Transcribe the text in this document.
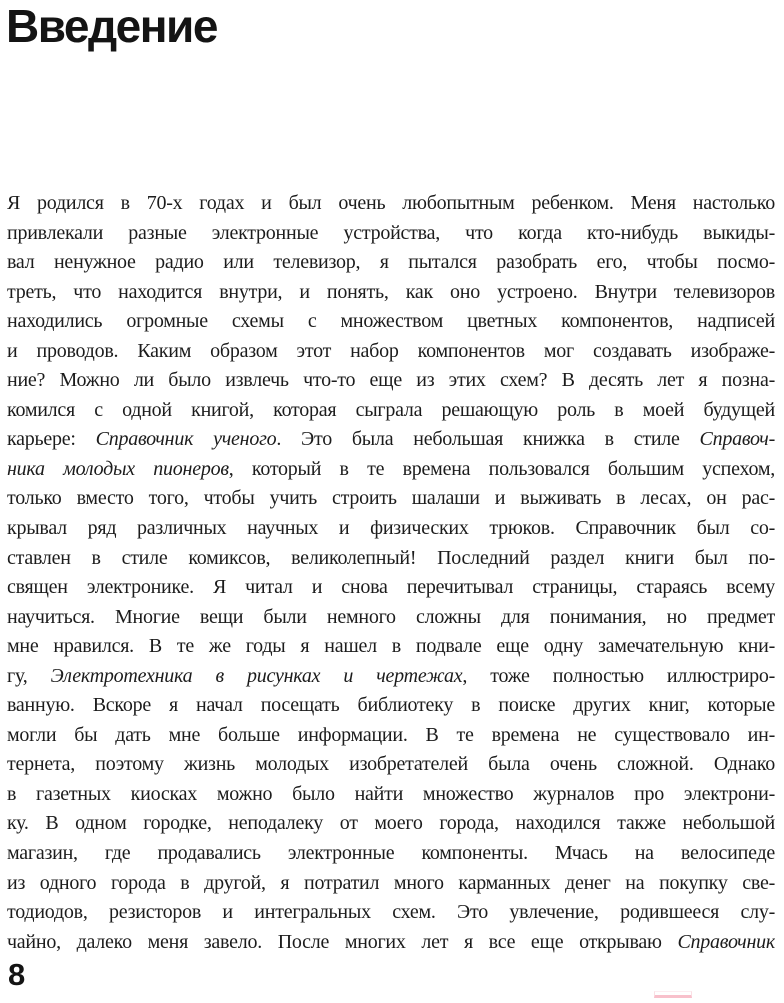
Введение
Я родился в 70-х годах и был очень любопытным ребенком. Меня настолько
привлекали разные электронные устройства, что когда кто-нибудь выкиды-
вал ненужное радио или телевизор, я пытался разобрать его, чтобы посмо-
треть, что находится внутри, и понять, как оно устроено. Внутри телевизоров
находились огромные схемы с множеством цветных компонентов, надписей
и проводов. Каким образом этот набор компонентов мог создавать изображе-
ние? Можно ли было извлечь что-то еще из этих схем? В десять лет я позна-
комился с одной книгой, которая сыграла решающую роль в моей будущей
карьере: Справочник ученого. Это была небольшая книжка в стиле Справоч-
ника молодых пионеров, который в те времена пользовался большим успехом,
только вместо того, чтобы учить строить шалаши и выживать в лесах, он рас-
крывал ряд различных научных и физических трюков. Справочник был со-
ставлен в стиле комиксов, великолепный! Последний раздел книги был по-
священ электронике. Я читал и снова перечитывал страницы, стараясь всему
научиться. Многие вещи были немного сложны для понимания, но предмет
мне нравился. В те же годы я нашел в подвале еще одну замечательную кни-
гу, Электротехника в рисунках и чертежах, тоже полностью иллюстриро-
ванную. Вскоре я начал посещать библиотеку в поиске других книг, которые
могли бы дать мне больше информации. В те времена не существовало ин-
тернета, поэтому жизнь молодых изобретателей была очень сложной. Однако
в газетных киосках можно было найти множество журналов про электрони-
ку. В одном городке, неподалеку от моего города, находился также небольшой
магазин, где продавались электронные компоненты. Мчась на велосипеде
из одного города в другой, я потратил много карманных денег на покупку све-
тодиодов, резисторов и интегральных схем. Это увлечение, родившееся слу-
чайно, далеко меня завело. После многих лет я все еще открываю Справочник
8
